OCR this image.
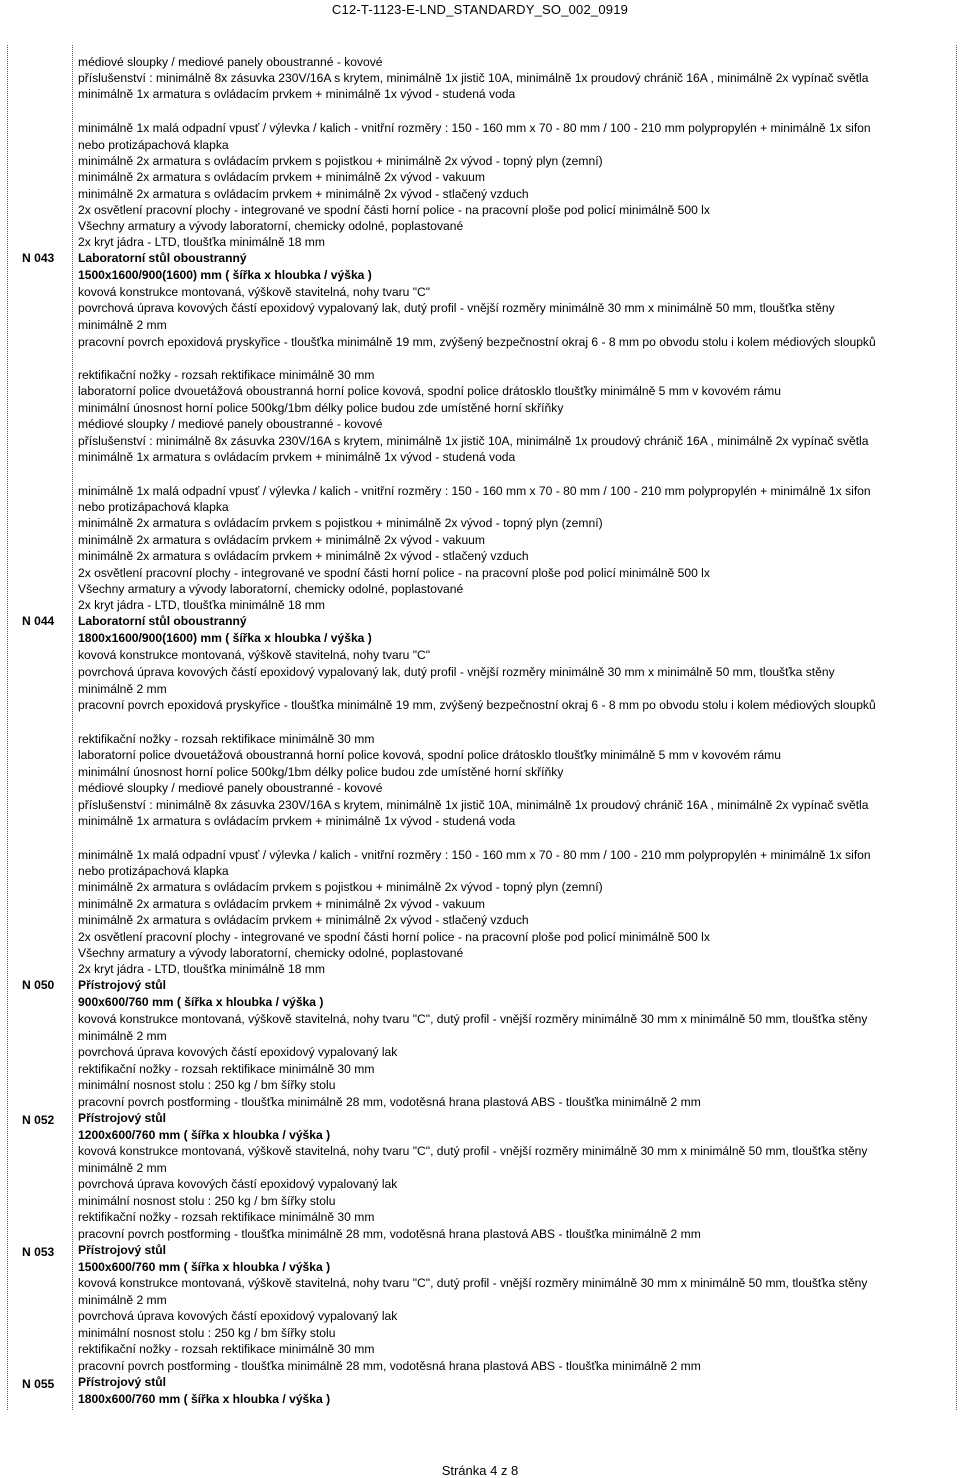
C12-T-1123-E-LND_STANDARDY_SO_002_0919
N 043
N 044
N 050
N 052
N 053
N 055
médiové sloupky / mediové panely oboustranné - kovové
příslušenství : minimálně 8x zásuvka 230V/16A s krytem, minimálně 1x jistič 10A, minimálně 1x proudový chránič 16A , minimálně 2x vypínač světla
minimálně 1x armatura s ovládacím prvkem + minimálně 1x vývod - studená voda
minimálně 1x malá odpadní vpusť / výlevka / kalich - vnitřní rozměry : 150 - 160 mm x 70 - 80 mm / 100 - 210 mm polypropylén + minimálně 1x sifon
nebo protizápachová klapka
minimálně 2x armatura s ovládacím prvkem s pojistkou + minimálně 2x vývod - topný plyn (zemní)
minimálně 2x armatura s ovládacím prvkem + minimálně 2x vývod - vakuum
minimálně 2x armatura s ovládacím prvkem + minimálně 2x vývod - stlačený vzduch
2x osvětlení pracovní plochy - integrované ve spodní části horní police - na pracovní ploše pod policí minimálně 500 lx
Všechny armatury a vývody laboratorní, chemicky odolné, poplastované
2x kryt jádra - LTD, tloušťka minimálně 18 mm
Laboratorní stůl oboustranný
1500x1600/900(1600) mm ( šířka x hloubka / výška )
kovová konstrukce montovaná, výškově stavitelná, nohy tvaru "C"
povrchová úprava kovových částí epoxidový vypalovaný lak, dutý profil - vnější rozměry minimálně 30 mm x minimálně 50 mm, tloušťka stěny
minimálně 2 mm
pracovní povrch epoxidová pryskyřice - tloušťka minimálně 19 mm, zvýšený bezpečnostní okraj 6 - 8 mm po obvodu stolu i kolem médiových sloupků
rektifikační nožky - rozsah rektifikace minimálně 30 mm
laboratorní police dvouetážová oboustranná horní police kovová, spodní police drátosklo tloušťky minimálně 5 mm v kovovém rámu
minimální únosnost horní police 500kg/1bm délky police budou zde umístěné horní skříňky
médiové sloupky / mediové panely oboustranné - kovové
příslušenství : minimálně 8x zásuvka 230V/16A s krytem, minimálně 1x jistič 10A, minimálně 1x proudový chránič 16A , minimálně 2x vypínač světla
minimálně 1x armatura s ovládacím prvkem + minimálně 1x vývod - studená voda
minimálně 1x malá odpadní vpusť / výlevka / kalich - vnitřní rozměry : 150 - 160 mm x 70 - 80 mm / 100 - 210 mm polypropylén + minimálně 1x sifon
nebo protizápachová klapka
minimálně 2x armatura s ovládacím prvkem s pojistkou + minimálně 2x vývod - topný plyn (zemní)
minimálně 2x armatura s ovládacím prvkem + minimálně 2x vývod - vakuum
minimálně 2x armatura s ovládacím prvkem + minimálně 2x vývod - stlačený vzduch
2x osvětlení pracovní plochy - integrované ve spodní části horní police - na pracovní ploše pod policí minimálně 500 lx
Všechny armatury a vývody laboratorní, chemicky odolné, poplastované
2x kryt jádra - LTD, tloušťka minimálně 18 mm
Laboratorní stůl oboustranný
1800x1600/900(1600) mm ( šířka x hloubka / výška )
kovová konstrukce montovaná, výškově stavitelná, nohy tvaru "C"
povrchová úprava kovových částí epoxidový vypalovaný lak, dutý profil - vnější rozměry minimálně 30 mm x minimálně 50 mm, tloušťka stěny
minimálně 2 mm
pracovní povrch epoxidová pryskyřice - tloušťka minimálně 19 mm, zvýšený bezpečnostní okraj 6 - 8 mm po obvodu stolu i kolem médiových sloupků
rektifikační nožky - rozsah rektifikace minimálně 30 mm
laboratorní police dvouetážová oboustranná horní police kovová, spodní police drátosklo tloušťky minimálně 5 mm v kovovém rámu
minimální únosnost horní police 500kg/1bm délky police budou zde umístěné horní skříňky
médiové sloupky / mediové panely oboustranné - kovové
příslušenství : minimálně 8x zásuvka 230V/16A s krytem, minimálně 1x jistič 10A, minimálně 1x proudový chránič 16A , minimálně 2x vypínač světla
minimálně 1x armatura s ovládacím prvkem + minimálně 1x vývod - studená voda
minimálně 1x malá odpadní vpusť / výlevka / kalich - vnitřní rozměry : 150 - 160 mm x 70 - 80 mm / 100 - 210 mm polypropylén + minimálně 1x sifon
nebo protizápachová klapka
minimálně 2x armatura s ovládacím prvkem s pojistkou + minimálně 2x vývod - topný plyn (zemní)
minimálně 2x armatura s ovládacím prvkem + minimálně 2x vývod - vakuum
minimálně 2x armatura s ovládacím prvkem + minimálně 2x vývod - stlačený vzduch
2x osvětlení pracovní plochy - integrované ve spodní části horní police - na pracovní ploše pod policí minimálně 500 lx
Všechny armatury a vývody laboratorní, chemicky odolné, poplastované
2x kryt jádra - LTD, tloušťka minimálně 18 mm
Přístrojový stůl
900x600/760 mm ( šířka x hloubka / výška )
kovová konstrukce montovaná, výškově stavitelná, nohy tvaru "C", dutý profil - vnější rozměry minimálně 30 mm x minimálně 50 mm, tloušťka stěny
minimálně 2 mm
povrchová úprava kovových částí epoxidový vypalovaný lak
rektifikační nožky - rozsah rektifikace minimálně 30 mm
minimální nosnost stolu : 250 kg / bm šířky stolu
pracovní povrch postforming - tloušťka minimálně 28 mm, vodotěsná hrana plastová ABS - tloušťka minimálně 2 mm
Přístrojový stůl
1200x600/760 mm ( šířka x hloubka / výška )
kovová konstrukce montovaná, výškově stavitelná, nohy tvaru "C", dutý profil - vnější rozměry minimálně 30 mm x minimálně 50 mm, tloušťka stěny
minimálně 2 mm
povrchová úprava kovových částí epoxidový vypalovaný lak
minimální nosnost stolu : 250 kg / bm šířky stolu
rektifikační nožky - rozsah rektifikace minimálně 30 mm
pracovní povrch postforming - tloušťka minimálně 28 mm, vodotěsná hrana plastová ABS - tloušťka minimálně 2 mm
Přístrojový stůl
1500x600/760 mm ( šířka x hloubka / výška )
kovová konstrukce montovaná, výškově stavitelná, nohy tvaru "C", dutý profil - vnější rozměry minimálně 30 mm x minimálně 50 mm, tloušťka stěny
minimálně 2 mm
povrchová úprava kovových částí epoxidový vypalovaný lak
minimální nosnost stolu : 250 kg / bm šířky stolu
rektifikační nožky - rozsah rektifikace minimálně 30 mm
pracovní povrch postforming - tloušťka minimálně 28 mm, vodotěsná hrana plastová ABS - tloušťka minimálně 2 mm
Přístrojový stůl
1800x600/760 mm ( šířka x hloubka / výška )
Stránka 4 z 8
